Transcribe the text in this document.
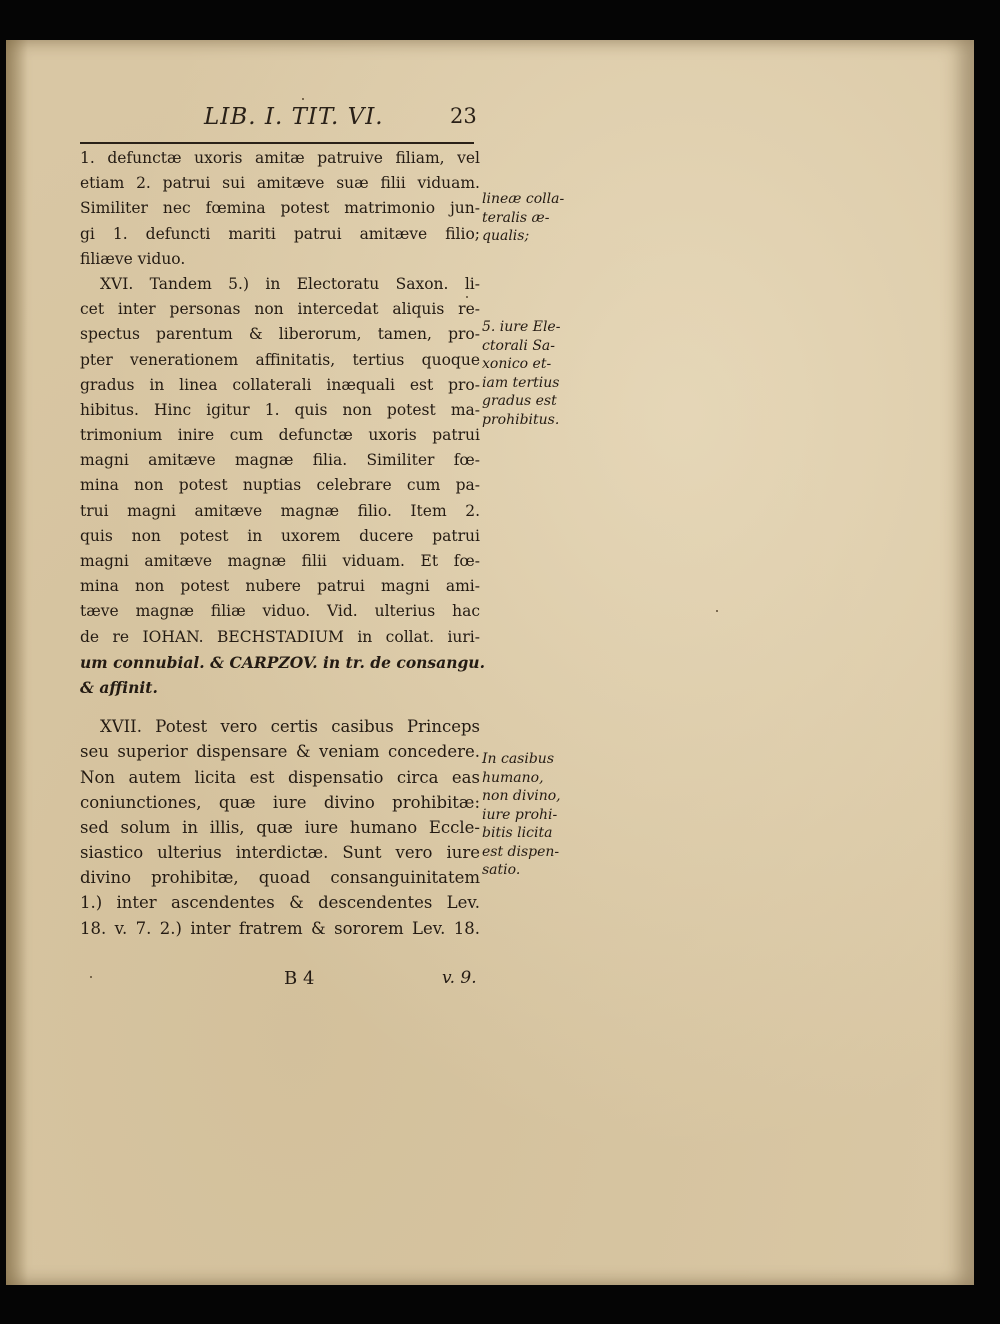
LIB. I. TIT. VI.	23
1. defunctæ uxoris amitæ patruive filiam, vel
etiam 2. patrui sui amitæve suæ filii viduam.
Similiter nec fœmina potest matrimonio jun-
gi 1. defuncti mariti patrui amitæve filio;
filiæve viduo.
XVI. Tandem 5.) in Electoratu Saxon. li-
cet inter personas non intercedat aliquis re-
spectus parentum & liberorum, tamen, pro-
pter venerationem affinitatis, tertius quoque
gradus in linea collaterali inæquali est pro-
hibitus. Hinc igitur 1. quis non potest ma-
trimonium inire cum defunctæ uxoris patrui
magni amitæve magnæ filia. Similiter fœ-
mina non potest nuptias celebrare cum pa-
trui magni amitæve magnæ filio. Item 2.
quis non potest in uxorem ducere patrui
magni amitæve magnæ filii viduam. Et fœ-
mina non potest nubere patrui magni ami-
tæve magnæ filiæ viduo. Vid. ulterius hac
de re IOHAN. BECHSTADIUM in collat. iuri-
um connubial. & CARPZOV. in tr. de consangu.
& affinit.
XVII. Potest vero certis casibus Princeps
seu superior dispensare & veniam concedere.
Non autem licita est dispensatio circa eas
coniunctiones, quæ iure divino prohibitæ:
sed solum in illis, quæ iure humano Eccle-
siastico ulterius interdictæ. Sunt vero iure
divino prohibitæ, quoad consanguinitatem
1.) inter ascendentes & descendentes Lev.
18. v. 7. 2.) inter fratrem & sororem Lev. 18.
lineæ colla-
teralis æ-
qualis;
5. iure Ele-
ctorali Sa-
xonico et-
iam tertius
gradus est
prohibitus.
In casibus
humano,
non divino,
iure prohi-
bitis licita
est dispen-
satio.
B 4	v. 9.
